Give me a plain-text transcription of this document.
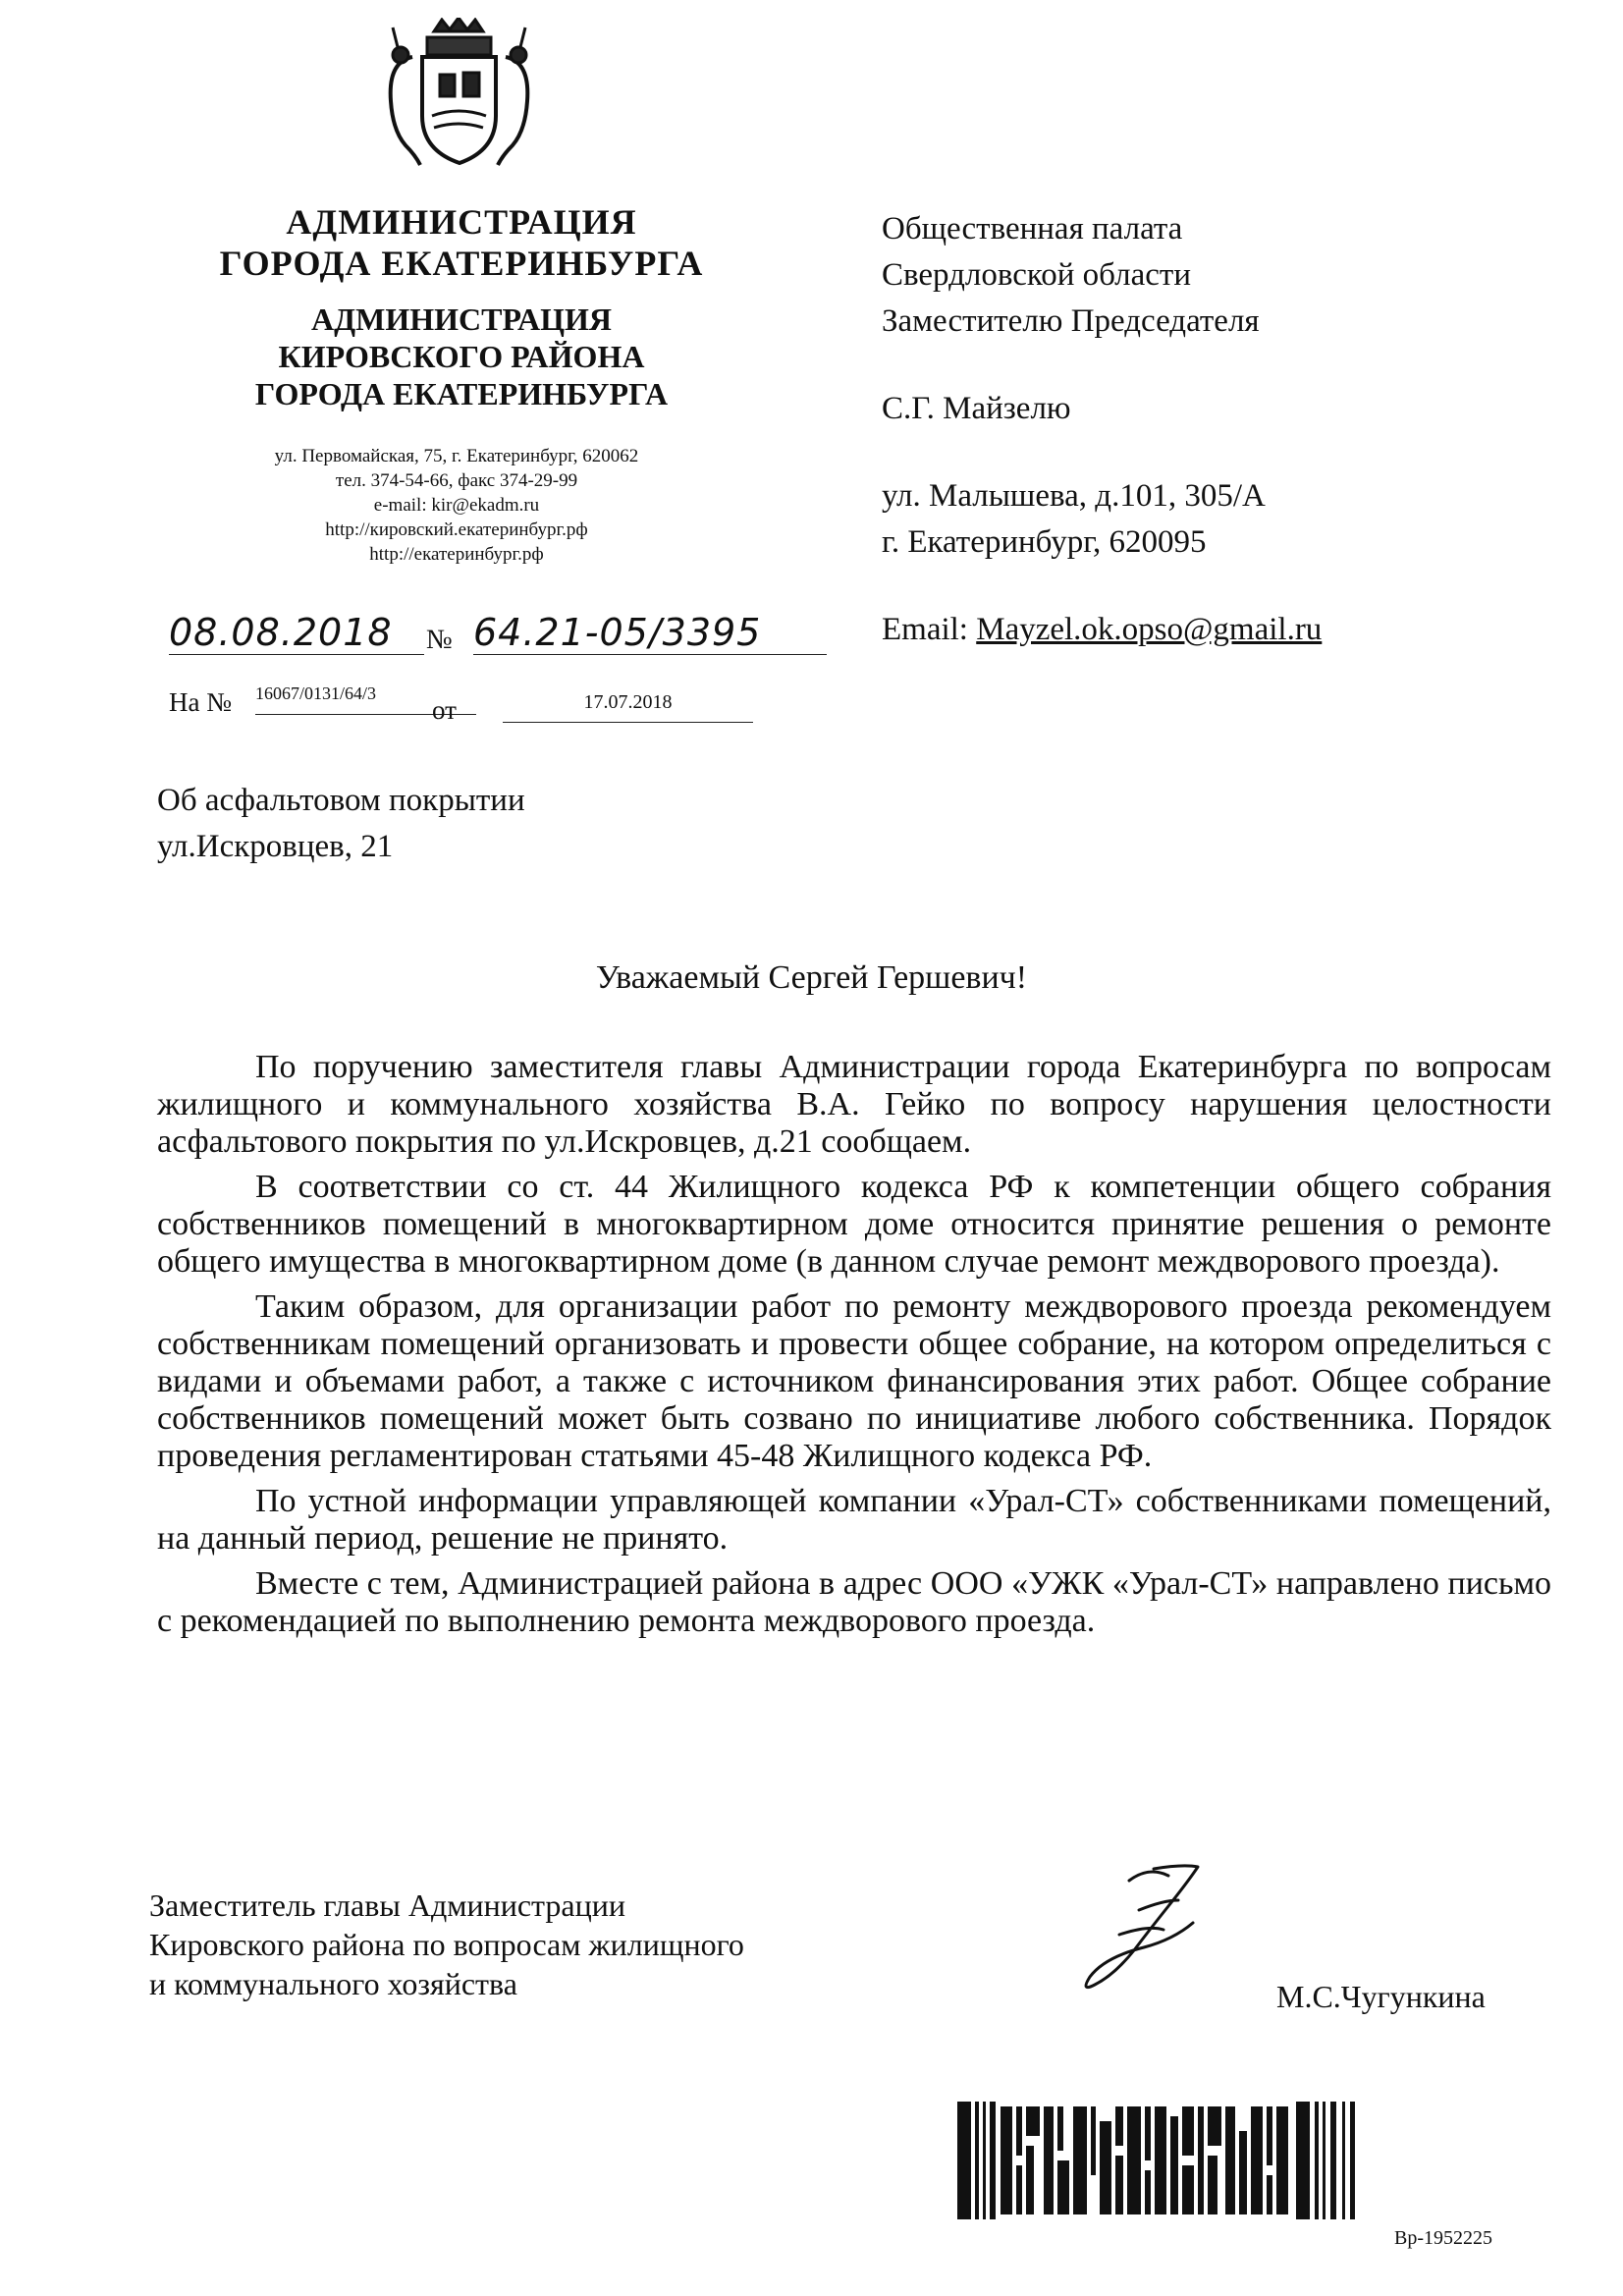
АДМИНИСТРАЦИЯ
ГОРОДА ЕКАТЕРИНБУРГА
АДМИНИСТРАЦИЯ
КИРОВСКОГО РАЙОНА
ГОРОДА ЕКАТЕРИНБУРГА
ул. Первомайская, 75, г. Екатеринбург, 620062
тел. 374-54-66, факс 374-29-99
e-mail: kir@ekadm.ru
http://кировский.екатеринбург.рф
http://екатеринбург.рф
08.08.2018	№ 64.21-05/3395
На № 16067/0131/64/3
от	17.07.2018
Об асфальтовом покрытии
ул.Искровцев, 21

Общественная палата

Свердловской области

Заместителю Председателя

С.Г. Майзелю

ул. Малышева, д.101, 305/А

г. Екатеринбург, 620095

Email: Mayzel.ok.opso@gmail.ru

Уважаемый Сергей Гершевич!

По поручению заместителя главы Администрации города Екатеринбурга по вопросам жилищного и коммунального хозяйства В.А. Гейко по вопросу нарушения целостности асфальтового покрытия по ул.Искровцев, д.21 сообщаем.

В соответствии со ст. 44 Жилищного кодекса РФ к компетенции общего собрания собственников помещений в многоквартирном доме относится принятие решения о ремонте общего имущества в многоквартирном доме (в данном случае ремонт междворового проезда).

Таким образом, для организации работ по ремонту междворового проезда рекомендуем собственникам помещений организовать и провести общее собрание, на котором определиться с видами и объемами работ, а также с источником финансирования этих работ. Общее собрание собственников помещений может быть созвано по инициативе любого собственника. Порядок проведения регламентирован статьями 45-48 Жилищного кодекса РФ.

По устной информации управляющей компании «Урал-СТ» собственниками помещений, на данный период, решение не принято.

Вместе с тем, Администрацией района в адрес ООО «УЖК «Урал-СТ» направлено письмо с рекомендацией по выполнению ремонта междворового проезда.

Заместитель главы Администрации
Кировского района по вопросам жилищного
и коммунального хозяйства	М.С.Чугункина
Вр-1952225
